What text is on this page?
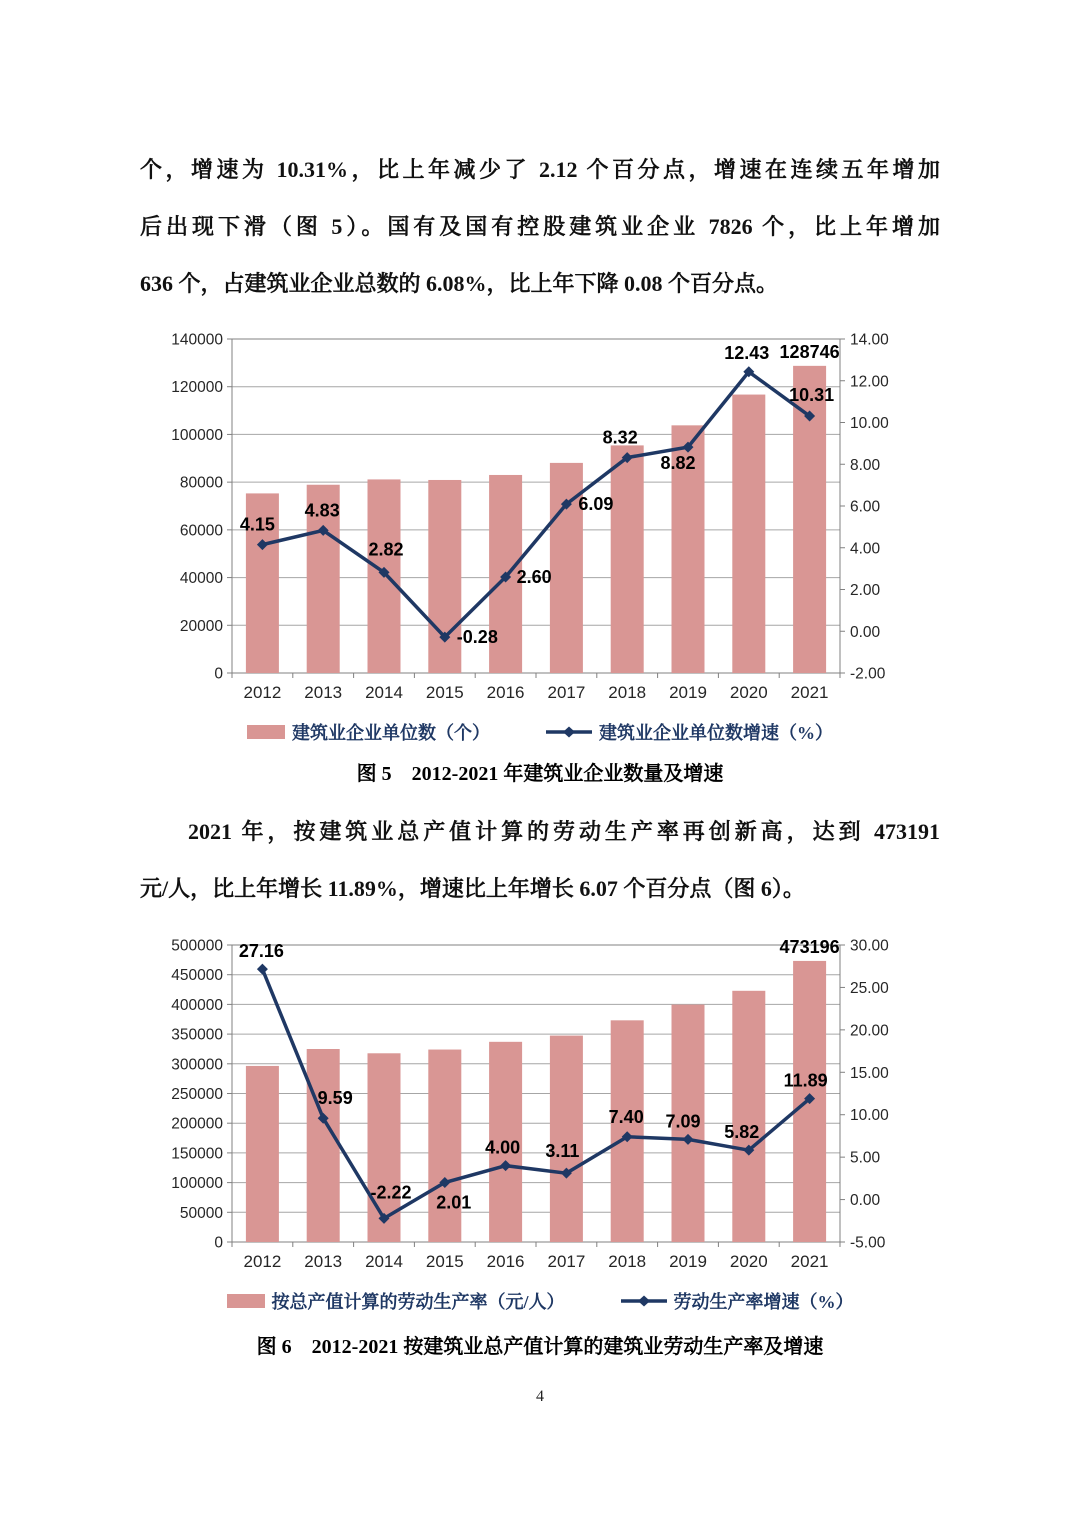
个，增速为 10.31%，比上年减少了 2.12 个百分点，增速在连续五年增加
后出现下滑（图 5）。国有及国有控股建筑业企业 7826 个，比上年增加
636 个，占建筑业企业总数的 6.08%，比上年下降 0.08 个百分点。
140000
120000
100000
80000
60000
40000
20000
0
14.00
12.00
10.00
8.00
6.00
4.00
2.00
0.00
-2.00
2012 2013 2014 2015 2016 2017 2018 2019 2020 2021
128746
4.15
4.83
2.82
-0.28
2.60
6.09
8.32
8.82
12.43
10.31
建筑业企业单位数（个）	建筑业企业单位数增速（%）
图 5　2012-2021 年建筑业企业数量及增速
2021 年，按建筑业总产值计算的劳动生产率再创新高，达到 473191
元/人，比上年增长 11.89%，增速比上年增长 6.07 个百分点（图 6）。
500000
450000
400000
350000
300000
250000
200000
150000
100000
50000
0
30.00
25.00
20.00
15.00
10.00
5.00
0.00
-5.00
2012 2013 2014 2015 2016 2017 2018 2019 2020 2021
473196
27.16
9.59
-2.22
2.01
4.00 3.11
7.40 7.09
5.82
11.89
按总产值计算的劳动生产率（元/人）	劳动生产率增速（%）
图 6　2012-2021 按建筑业总产值计算的建筑业劳动生产率及增速
4
